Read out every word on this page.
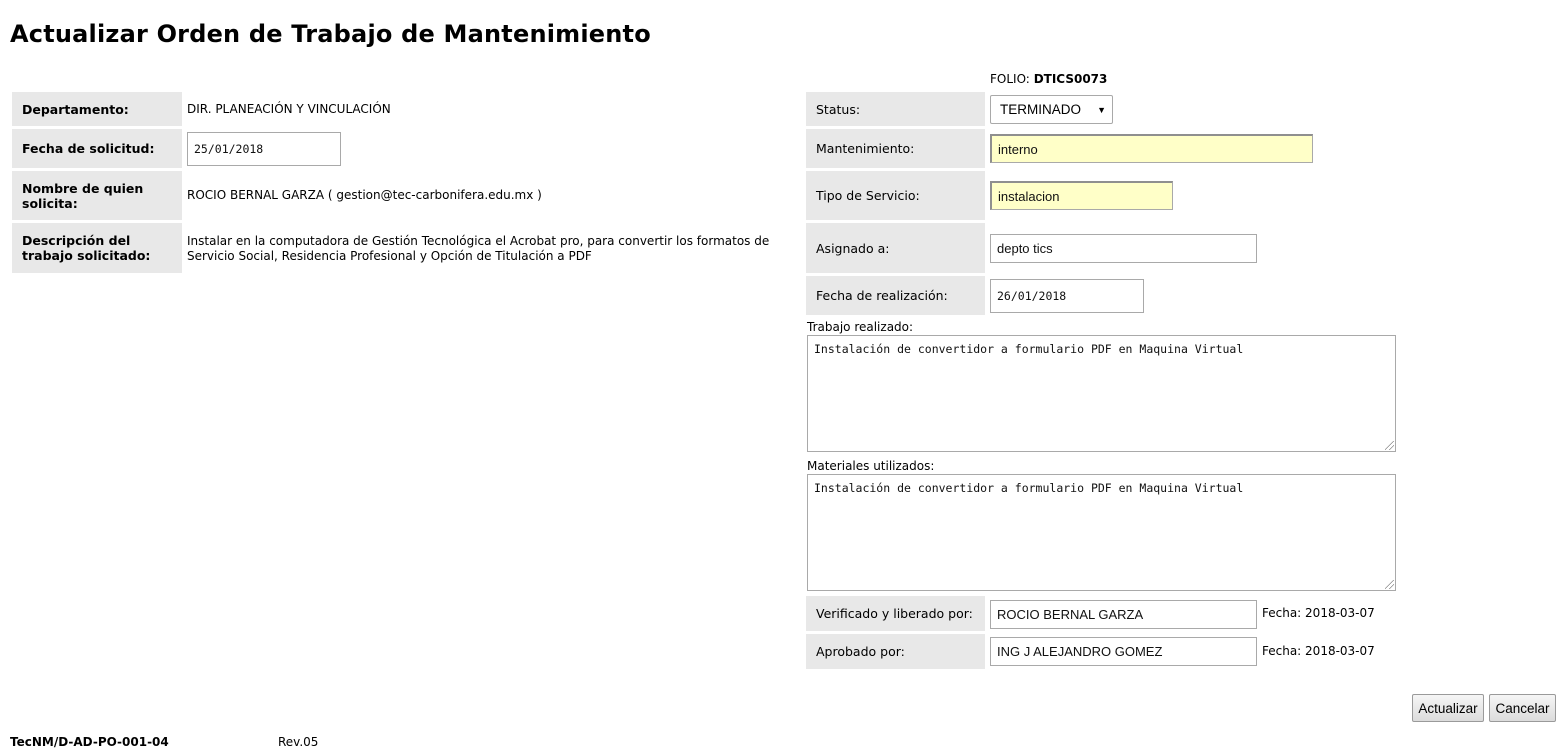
Actualizar Orden de Trabajo de Mantenimiento
FOLIO: DTICS0073
Departamento:	DIR. PLANEACIÓN Y VINCULACIÓN
Fecha de solicitud:	25/01/2018
Nombre de quien solicita:
ROCIO BERNAL GARZA ( gestion@tec-carbonifera.edu.mx )
Descripción del trabajo solicitado:
Instalar en la computadora de Gestión Tecnológica el Acrobat pro, para convertir los formatos de Servicio Social, Residencia Profesional y Opción de Titulación a PDF
Status:	TERMINADO ▼
Mantenimiento:	interno
Tipo de Servicio:	instalacion
Asignado a:	depto tics
Fecha de realización:	26/01/2018
Trabajo realizado:
Instalación de convertidor a formulario PDF en Maquina Virtual
Materiales utilizados:
Instalación de convertidor a formulario PDF en Maquina Virtual
Verificado y liberado por:	ROCIO BERNAL GARZA	Fecha: 2018-03-07
Aprobado por:	ING J ALEJANDRO GOMEZ	Fecha: 2018-03-07
Actualizar	Cancelar
TecNM/D-AD-PO-001-04	Rev.05
